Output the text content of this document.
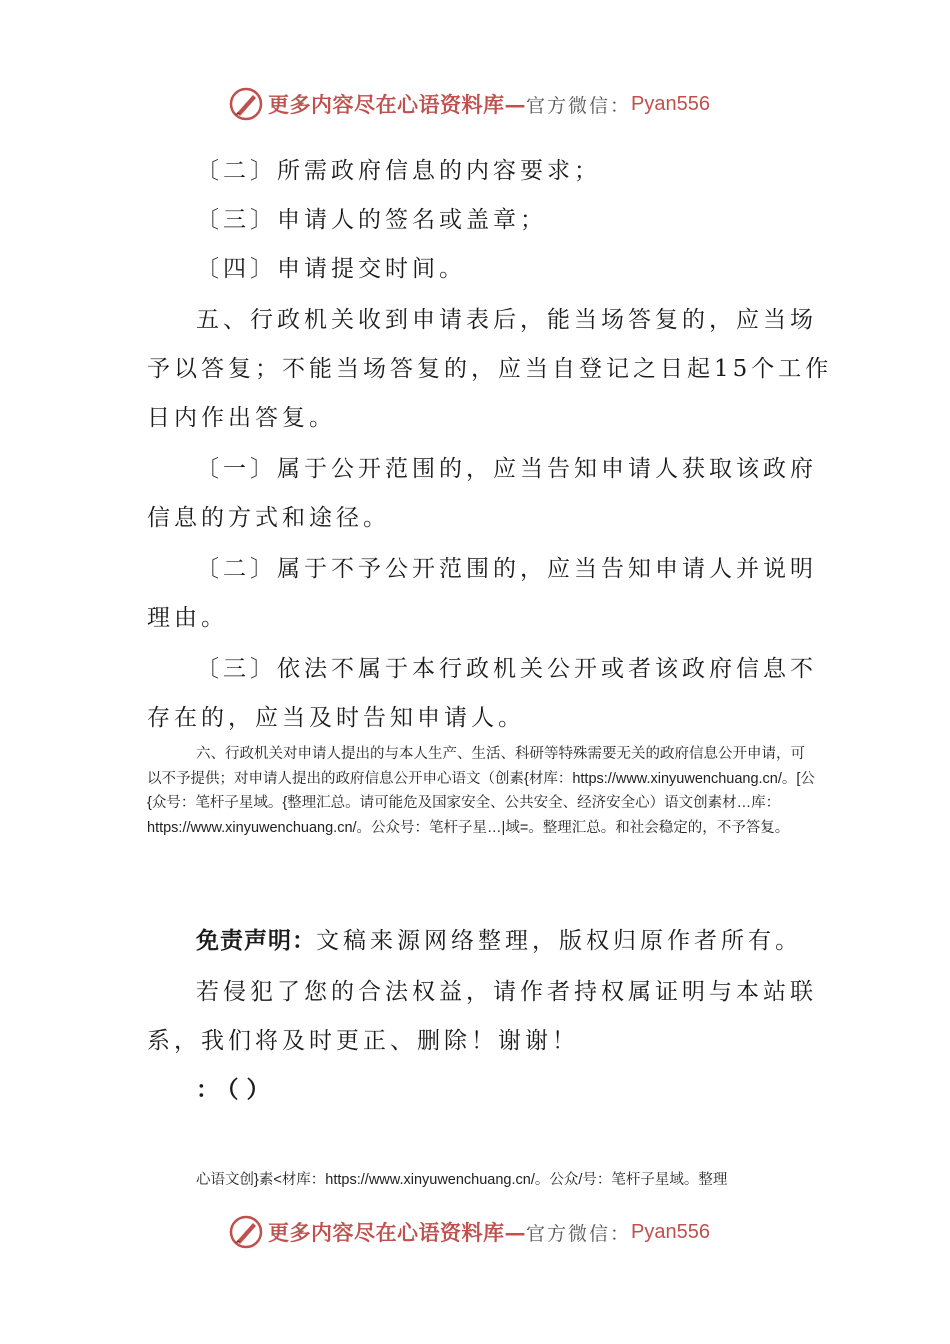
更多内容尽在心语资料库— 官方微信： Pyan556
〔二〕所需政府信息的内容要求；
〔三〕申请人的签名或盖章；
〔四〕申请提交时间。
五、行政机关收到申请表后，能当场答复的，应当场
予以答复；不能当场答复的，应当自登记之日起15个工作
日内作出答复。
〔一〕属于公开范围的，应当告知申请人获取该政府
信息的方式和途径。
〔二〕属于不予公开范围的，应当告知申请人并说明
理由。
〔三〕依法不属于本行政机关公开或者该政府信息不
存在的，应当及时告知申请人。
六、行政机关对申请人提出的与本人生产、生活、科研等特殊需要无关的政府信息公开申请，可以不予提供；对申请人提出的政府信息公开申心语文（创素{材库：https://www.xinyuwenchuang.cn/。[公{众号：笔杆子星域。{整理汇总。请可能危及国家安全、公共安全、经济安全心）语文创素材…库：https://www.xinyuwenchuang.cn/。公众号：笔杆子星…|域=。整理汇总。和社会稳定的，不予答复。
免责声明：文稿来源网络整理，版权归原作者所有。
若侵犯了您的合法权益，请作者持权属证明与本站联
系，我们将及时更正、删除！谢谢！
：（）
心语文创}素<材库：https://www.xinyuwenchuang.cn/。公众/号：笔杆子星域。整理
更多内容尽在心语资料库— 官方微信： Pyan556
